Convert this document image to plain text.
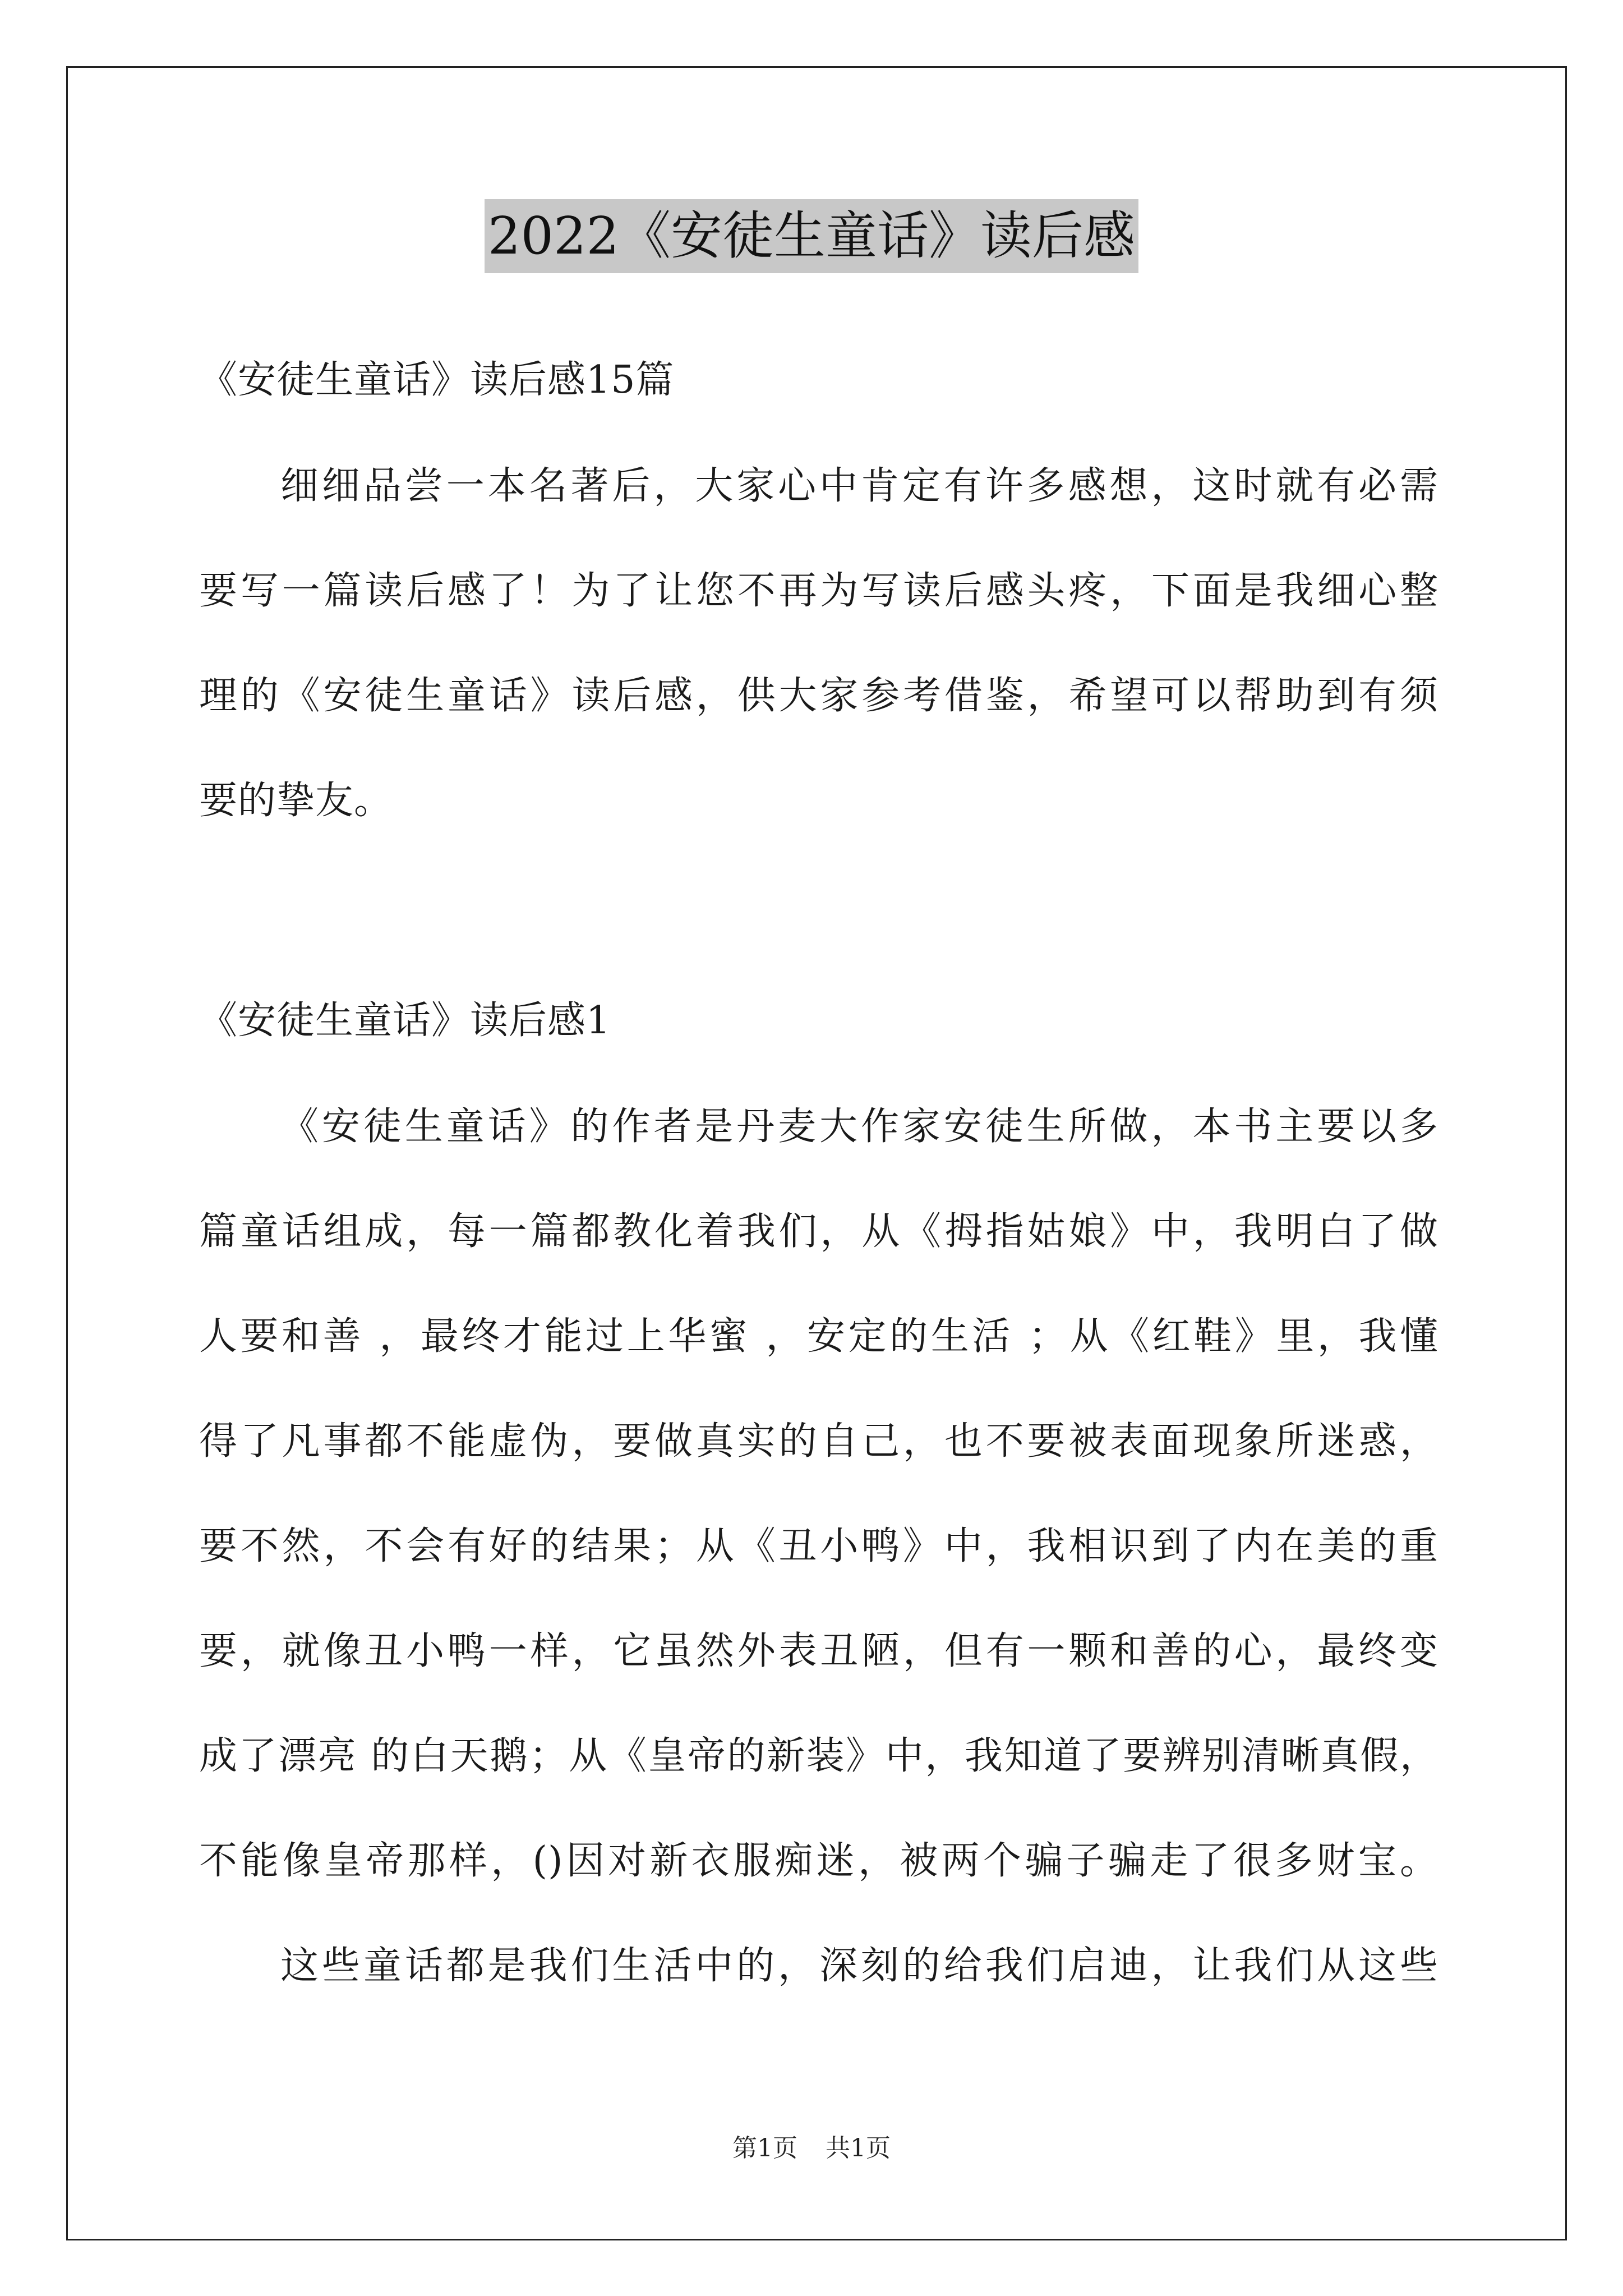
2022《安徒生童话》读后感
《安徒生童话》读后感15篇
细细品尝一本名著后，大家心中肯定有许多感想，这时就有必需
要写一篇读后感了！为了让您不再为写读后感头疼，下面是我细心整
理的《安徒生童话》读后感，供大家参考借鉴，希望可以帮助到有须
要的挚友。
《安徒生童话》读后感1
《安徒生童话》的作者是丹麦大作家安徒生所做，本书主要以多
篇童话组成，每一篇都教化着我们，从《拇指姑娘》中，我明白了做
人要和善 ，最终才能过上华蜜 ，安定的生活 ；从《红鞋》里，我懂
得了凡事都不能虚伪，要做真实的自己，也不要被表面现象所迷惑，
要不然，不会有好的结果；从《丑小鸭》中，我相识到了内在美的重
要，就像丑小鸭一样，它虽然外表丑陋，但有一颗和善的心，最终变
成了漂亮 的白天鹅；从《皇帝的新装》中，我知道了要辨别清晰真假，
不能像皇帝那样，()因对新衣服痴迷，被两个骗子骗走了很多财宝。
这些童话都是我们生活中的，深刻的给我们启迪，让我们从这些
第1页 共1页
